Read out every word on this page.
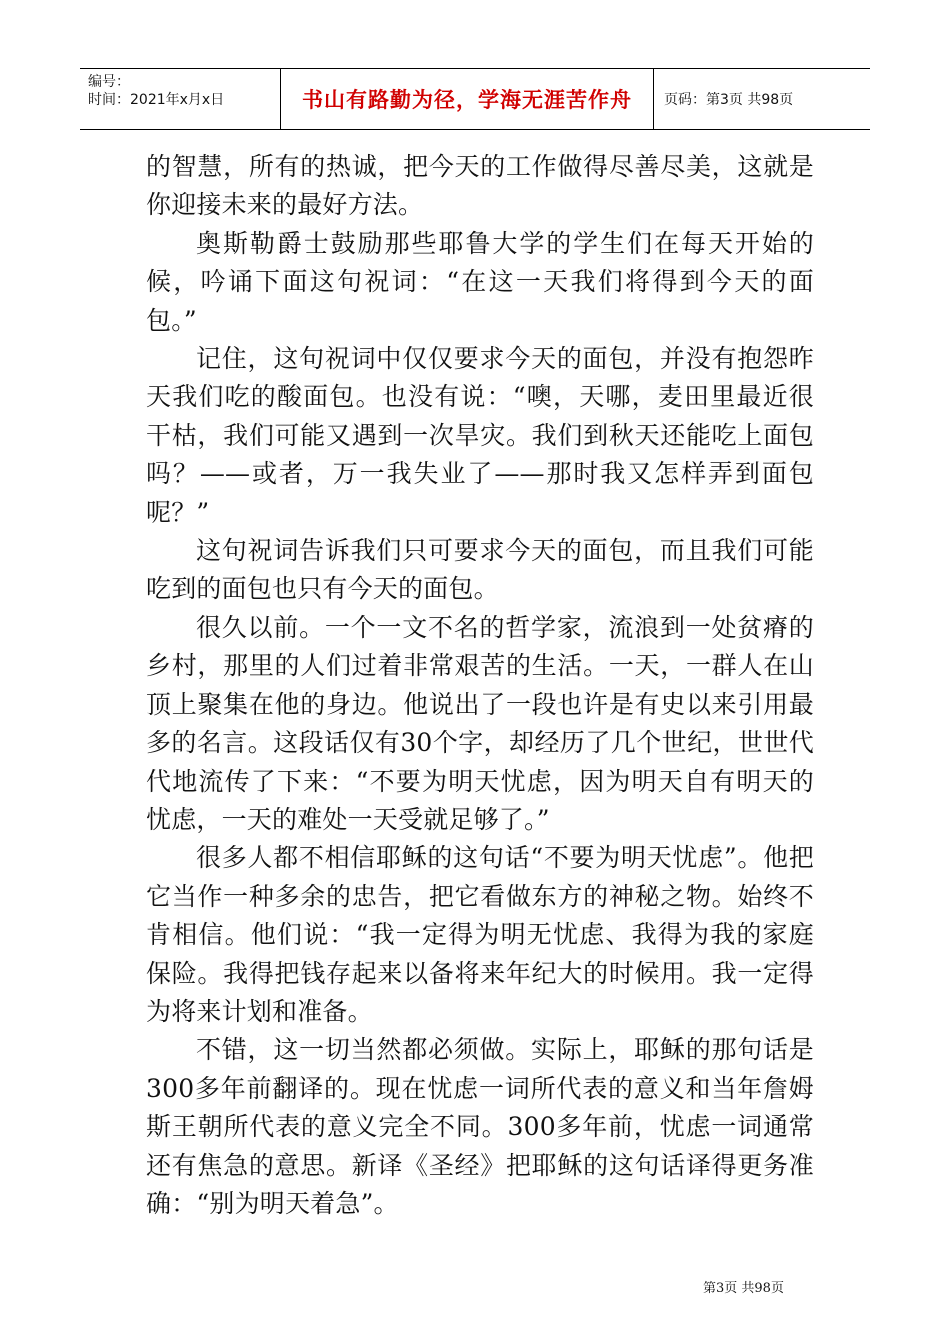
编号：
时间：2021年x月x日	书山有路勤为径，学海无涯苦作舟	页码：第3页 共98页

的智慧，所有的热诚，把今天的工作做得尽善尽美，这就是你迎接未来的最好方法。

奥斯勒爵士鼓励那些耶鲁大学的学生们在每天开始的候，吟诵下面这句祝词：“在这一天我们将得到今天的面包。”

记住，这句祝词中仅仅要求今天的面包，并没有抱怨昨天我们吃的酸面包。也没有说：“噢，天哪，麦田里最近很干枯，我们可能又遇到一次旱灾。我们到秋天还能吃上面包吗？——或者，万一我失业了——那时我又怎样弄到面包呢？”

这句祝词告诉我们只可要求今天的面包，而且我们可能吃到的面包也只有今天的面包。

很久以前。一个一文不名的哲学家，流浪到一处贫瘠的乡村，那里的人们过着非常艰苦的生活。一天，一群人在山顶上聚集在他的身边。他说出了一段也许是有史以来引用最多的名言。这段话仅有30个字，却经历了几个世纪，世世代代地流传了下来：“不要为明天忧虑，因为明天自有明天的忧虑，一天的难处一天受就足够了。”

很多人都不相信耶稣的这句话“不要为明天忧虑”。他把它当作一种多余的忠告，把它看做东方的神秘之物。始终不肯相信。他们说：“我一定得为明无忧虑、我得为我的家庭保险。我得把钱存起来以备将来年纪大的时候用。我一定得为将来计划和准备。

不错，这一切当然都必须做。实际上，耶稣的那句话是300多年前翻译的。现在忧虑一词所代表的意义和当年詹姆斯王朝所代表的意义完全不同。300多年前，忧虑一词通常还有焦急的意思。新译《圣经》把耶稣的这句话译得更务准确：“别为明天着急”。

第3页 共98页
